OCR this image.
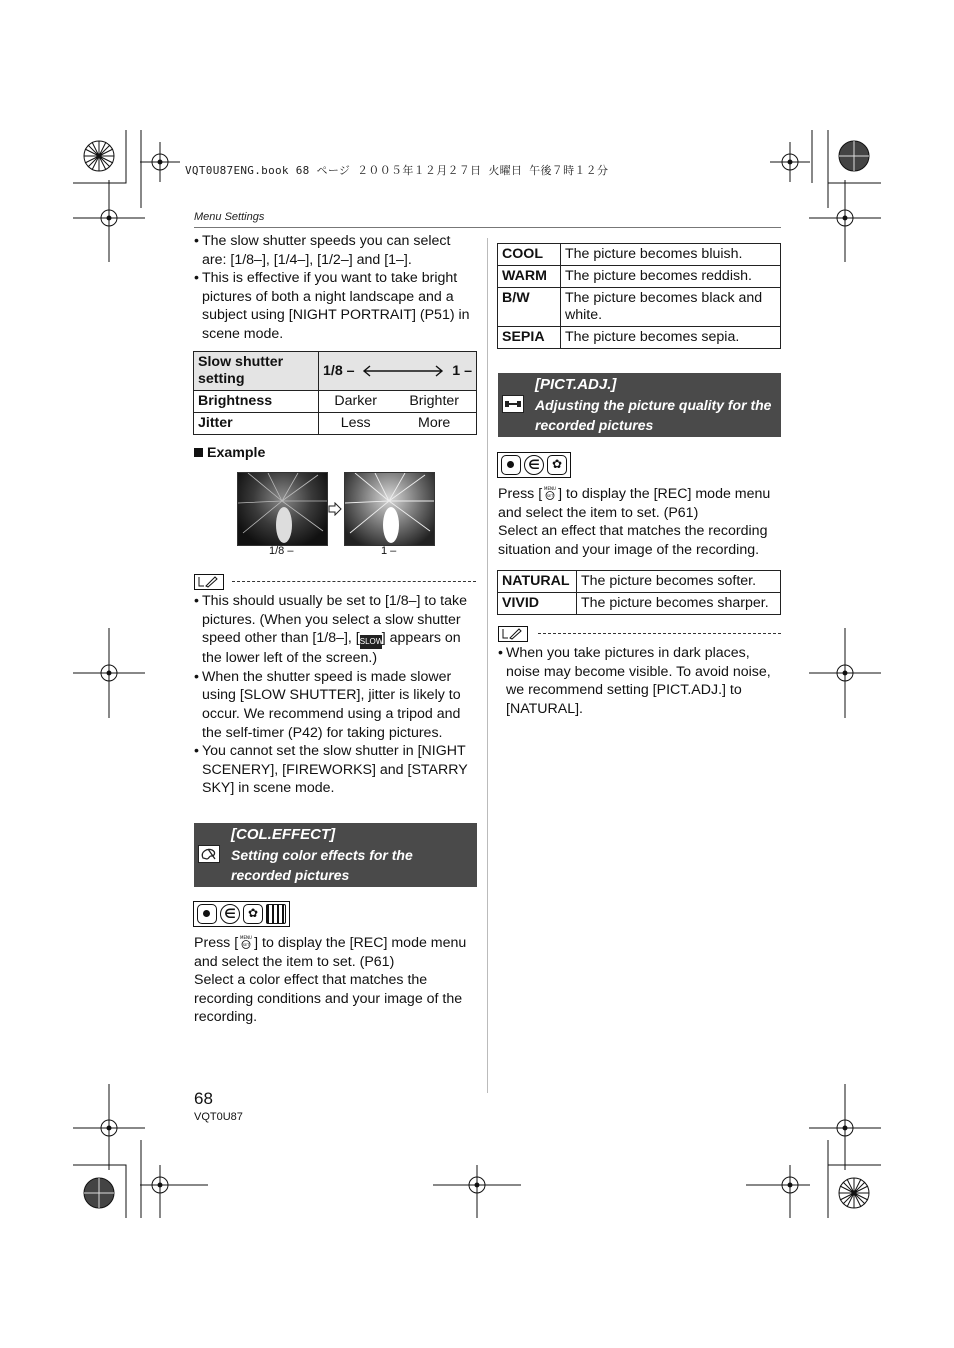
VQT0U87ENG.book 68 ページ ２００５年１２月２７日 火曜日 午後７時１２分
Menu Settings
• The slow shutter speeds you can select are: [1/8–], [1/4–], [1/2–] and [1–].
• This is effective if you want to take bright pictures of both a night landscape and a subject using [NIGHT PORTRAIT] (P51) in scene mode.
Slow shutter setting	1/8 – 1 –	

Brightness	Darker	Brighter
Jitter	Less	More
Example
1/8 –	1 –
• This should usually be set to [1/8–] to take pictures. (When you select a slow shutter speed other than [1/8–], [SLOW] appears on the lower left of the screen.)
• When the shutter speed is made slower using [SLOW SHUTTER], jitter is likely to occur. We recommend using a tripod and the self-timer (P42) for taking pictures.
• You cannot set the slow shutter in [NIGHT SCENERY], [FIREWORKS] and [STARRY SKY] in scene mode.
[COL.EFFECT]
Setting color effects for the recorded pictures
∈	✿
Press [ MENU
SET ] to display the [REC] mode menu and select the item to set. (P61)
Select a color effect that matches the recording conditions and your image of the recording.
COOL	The picture becomes bluish.
WARM	The picture becomes reddish.
B/W	The picture becomes black and white.
SEPIA	The picture becomes sepia.
[PICT.ADJ.]
Adjusting the picture quality for the recorded pictures
∈	✿
Press [ MENU
SET ] to display the [REC] mode menu and select the item to set. (P61)
Select an effect that matches the recording situation and your image of the recording.
NATURAL	The picture becomes softer.
VIVID	The picture becomes sharper.
• When you take pictures in dark places, noise may become visible. To avoid noise, we recommend setting [PICT.ADJ.] to [NATURAL].
68
VQT0U87
